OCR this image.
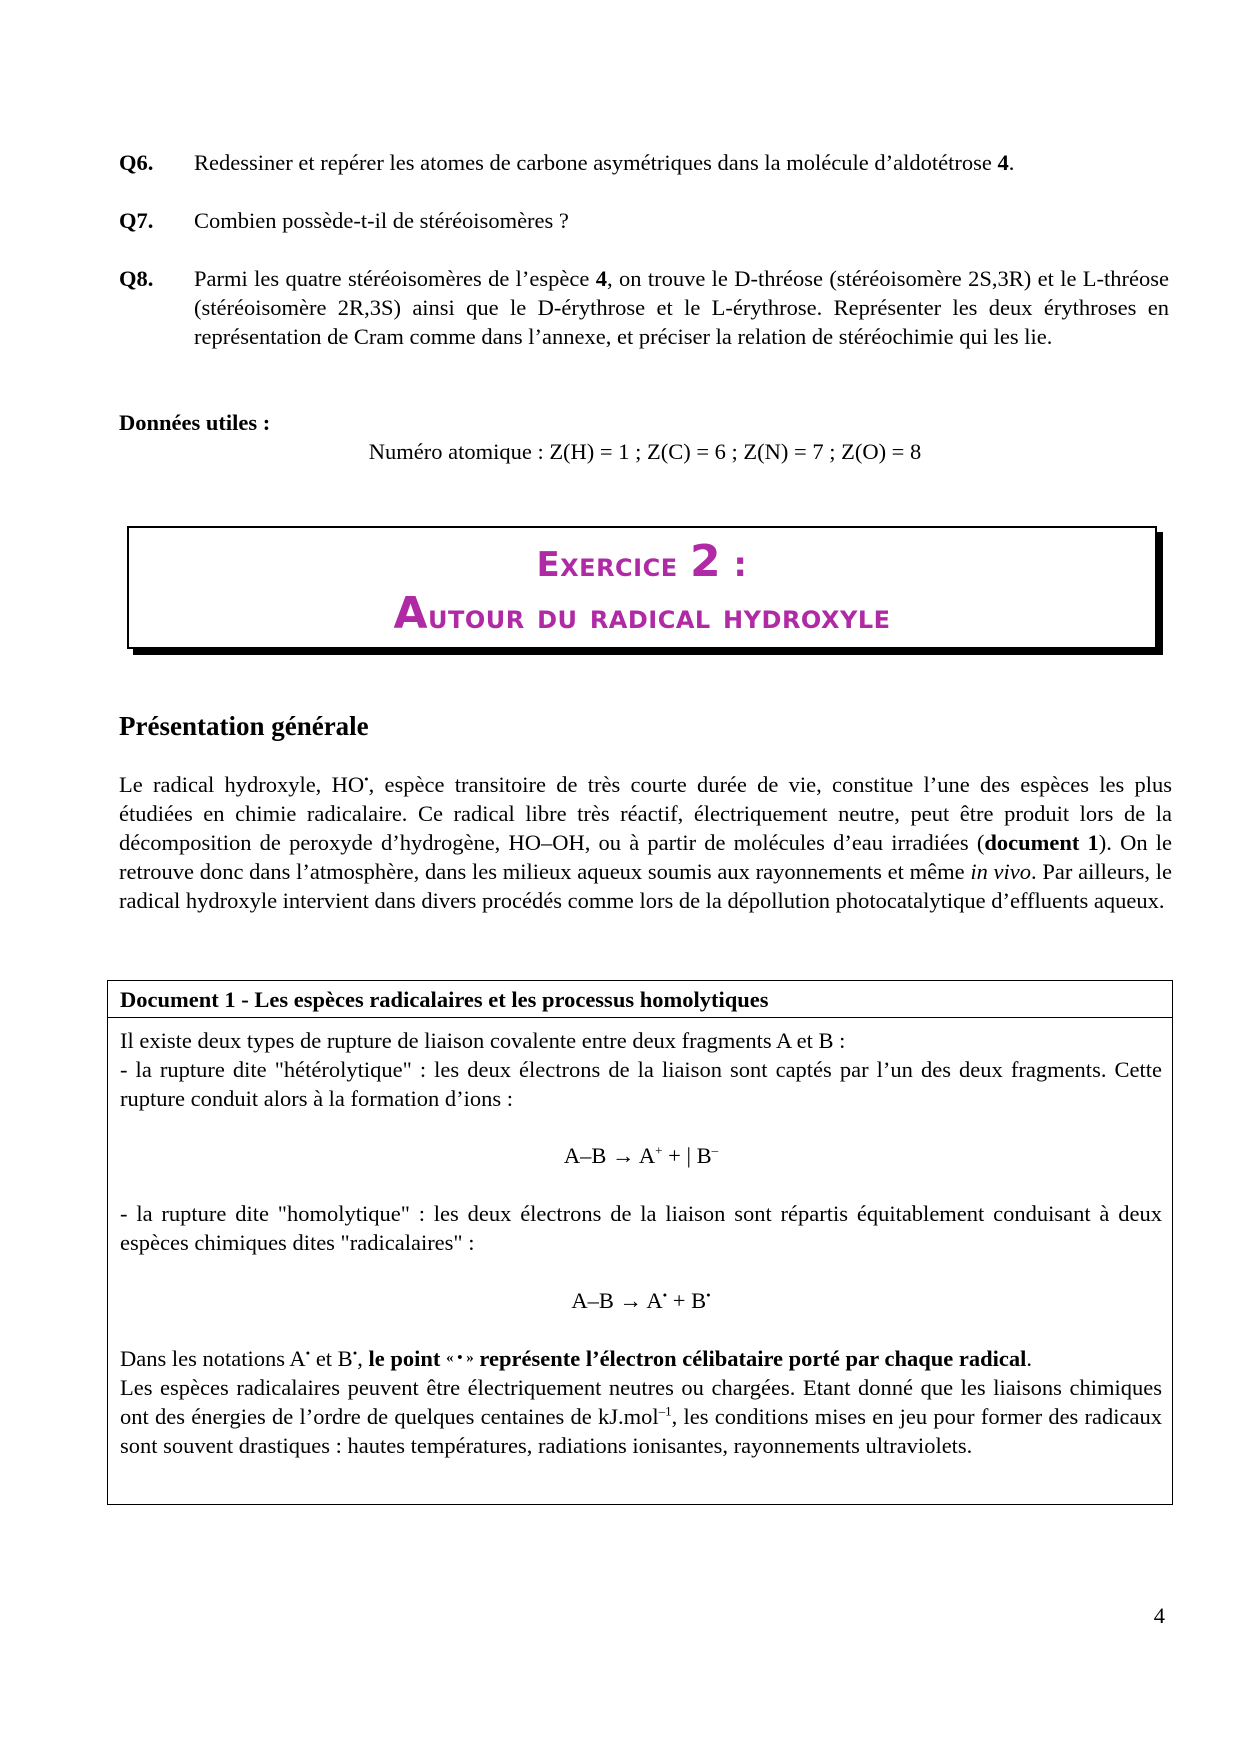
Q6. Redessiner et repérer les atomes de carbone asymétriques dans la molécule d’aldotétrose 4.
Q7. Combien possède-t-il de stéréoisomères ?
Q8. Parmi les quatre stéréoisomères de l’espèce 4, on trouve le D-thréose (stéréoisomère 2S,3R) et le L-thréose (stéréoisomère 2R,3S) ainsi que le D-érythrose et le L-érythrose. Représenter les deux érythroses en représentation de Cram comme dans l’annexe, et préciser la relation de stéréochimie qui les lie.
Données utiles :
Numéro atomique : Z(H) = 1 ; Z(C) = 6 ; Z(N) = 7 ; Z(O) = 8
Exercice 2 :
Autour du radical hydroxyle
Présentation générale
Le radical hydroxyle, HO•, espèce transitoire de très courte durée de vie, constitue l’une des espèces les plus étudiées en chimie radicalaire. Ce radical libre très réactif, électriquement neutre, peut être produit lors de la décomposition de peroxyde d’hydrogène, HO–OH, ou à partir de molécules d’eau irradiées (document 1). On le retrouve donc dans l’atmosphère, dans les milieux aqueux soumis aux rayonnements et même in vivo. Par ailleurs, le radical hydroxyle intervient dans divers procédés comme lors de la dépollution photocatalytique d’effluents aqueux.
Document 1 - Les espèces radicalaires et les processus homolytiques
Il existe deux types de rupture de liaison covalente entre deux fragments A et B :
- la rupture dite "hétérolytique" : les deux électrons de la liaison sont captés par l’un des deux fragments. Cette rupture conduit alors à la formation d’ions :
A–B → A+ + | B–
- la rupture dite "homolytique" : les deux électrons de la liaison sont répartis équitablement conduisant à deux espèces chimiques dites "radicalaires" :
A–B → A• + B•
Dans les notations A• et B•, le point « • » représente l’électron célibataire porté par chaque radical.
Les espèces radicalaires peuvent être électriquement neutres ou chargées. Etant donné que les liaisons chimiques ont des énergies de l’ordre de quelques centaines de kJ.mol$^{-1}$, les conditions mises en jeu pour former des radicaux sont souvent drastiques : hautes températures, radiations ionisantes, rayonnements ultraviolets.
4
